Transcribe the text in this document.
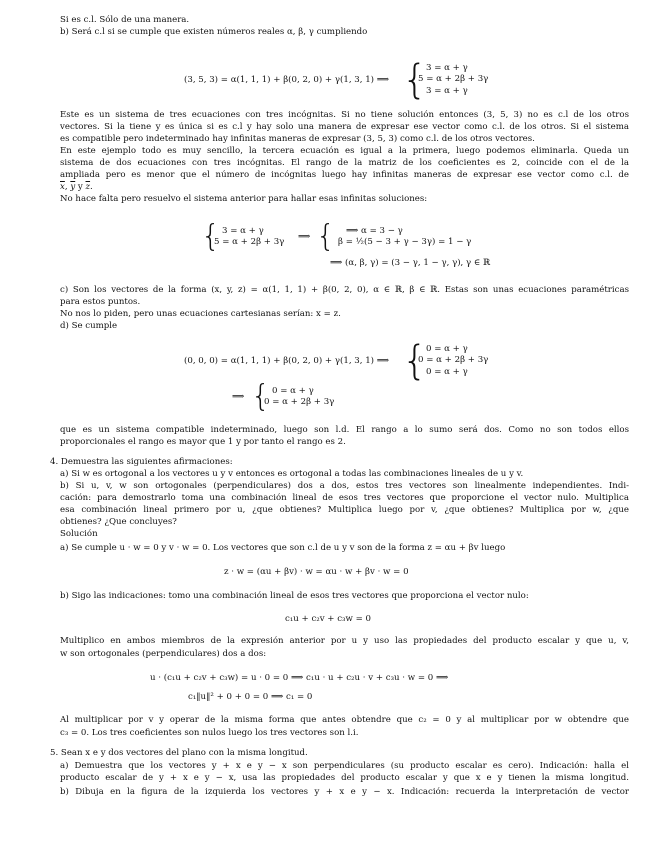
Si es c.l. Sólo de una manera.
b) Será c.l si se cumple que existen números reales α, β, γ cumpliendo
(3, 5, 3) = α(1, 1, 1) + β(0, 2, 0) + γ(1, 3, 1) ⟹ {
3 = α + γ
5 = α + 2β + 3γ
3 = α + γ
Este es un sistema de tres ecuaciones con tres incógnitas. Si no tiene solución entonces (3, 5, 3) no es c.l de los otros
vectores. Si la tiene y es única si es c.l y hay solo una manera de expresar ese vector como c.l. de los otros. Si el sistema
es compatible pero indeterminado hay infinitas maneras de expresar (3, 5, 3) como c.l. de los otros vectores.
En este ejemplo todo es muy sencillo, la tercera ecuación es igual a la primera, luego podemos eliminarla. Queda un
sistema de dos ecuaciones con tres incógnitas. El rango de la matriz de los coeficientes es 2, coincide con el de la
ampliada pero es menor que el número de incógnitas luego hay infinitas maneras de expresar ese vector como c.l. de
$\overline{x}$, $\overline{y}$ y $\overline{z}$.
No hace falta pero resuelvo el sistema anterior para hallar esas infinitas soluciones:
{ 3 = α + γ
5 = α + 2β + 3γ
⟹ {	⟹ α = 3 − γ
β = ½(5 − 3 + γ − 3γ) = 1 − γ
⟹ (α, β, γ) = (3 − γ, 1 − γ, γ), γ ∈ ℝ
c) Son los vectores de la forma (x, y, z) = α(1, 1, 1) + β(0, 2, 0), α ∈ ℝ, β ∈ ℝ. Estas son unas ecuaciones paramétricas
para estos puntos.
No nos lo piden, pero unas ecuaciones cartesianas serían: x = z.
d) Se cumple
(0, 0, 0) = α(1, 1, 1) + β(0, 2, 0) + γ(1, 3, 1) ⟹ {
0 = α + γ
0 = α + 2β + 3γ
0 = α + γ
⟹ { 0 = α + γ
0 = α + 2β + 3γ
que es un sistema compatible indeterminado, luego son l.d. El rango a lo sumo será dos. Como no son todos ellos
proporcionales el rango es mayor que 1 y por tanto el rango es 2.
4. Demuestra las siguientes afirmaciones:
a) Si w es ortogonal a los vectores u y v entonces es ortogonal a todas las combinaciones lineales de u y v.
b) Si u, v, w son ortogonales (perpendiculares) dos a dos, estos tres vectores son linealmente independientes. Indi-
cación: para demostrarlo toma una combinación lineal de esos tres vectores que proporcione el vector nulo. Multiplica
esa combinación lineal primero por u, ¿que obtienes? Multiplica luego por v, ¿que obtienes? Multiplica por w, ¿que
obtienes? ¿Que concluyes?
Solución
a) Se cumple u · w = 0 y v · w = 0. Los vectores que son c.l de u y v son de la forma z = αu + βv luego
z · w = (αu + βv) · w = αu · w + βv · w = 0
b) Sigo las indicaciones: tomo una combinación lineal de esos tres vectores que proporciona el vector nulo:
c₁u + c₂v + c₃w = 0
Multiplico en ambos miembros de la expresión anterior por u y uso las propiedades del producto escalar y que u, v,
w son ortogonales (perpendiculares) dos a dos:
u · (c₁u + c₂v + c₃w) = u · 0 = 0 ⟹ c₁u · u + c₂u · v + c₃u · w = 0 ⟹
c₁‖u‖² + 0 + 0 = 0 ⟹ c₁ = 0
Al multiplicar por v y operar de la misma forma que antes obtendre que c₂ = 0 y al multiplicar por w obtendre que
c₃ = 0. Los tres coeficientes son nulos luego los tres vectores son l.i.
5. Sean x e y dos vectores del plano con la misma longitud.
a) Demuestra que los vectores y + x e y − x son perpendiculares (su producto escalar es cero). Indicación: halla el
producto escalar de y + x e y − x, usa las propiedades del producto escalar y que x e y tienen la misma longitud.
b) Dibuja en la figura de la izquierda los vectores y + x e y − x. Indicación: recuerda la interpretación de vector
